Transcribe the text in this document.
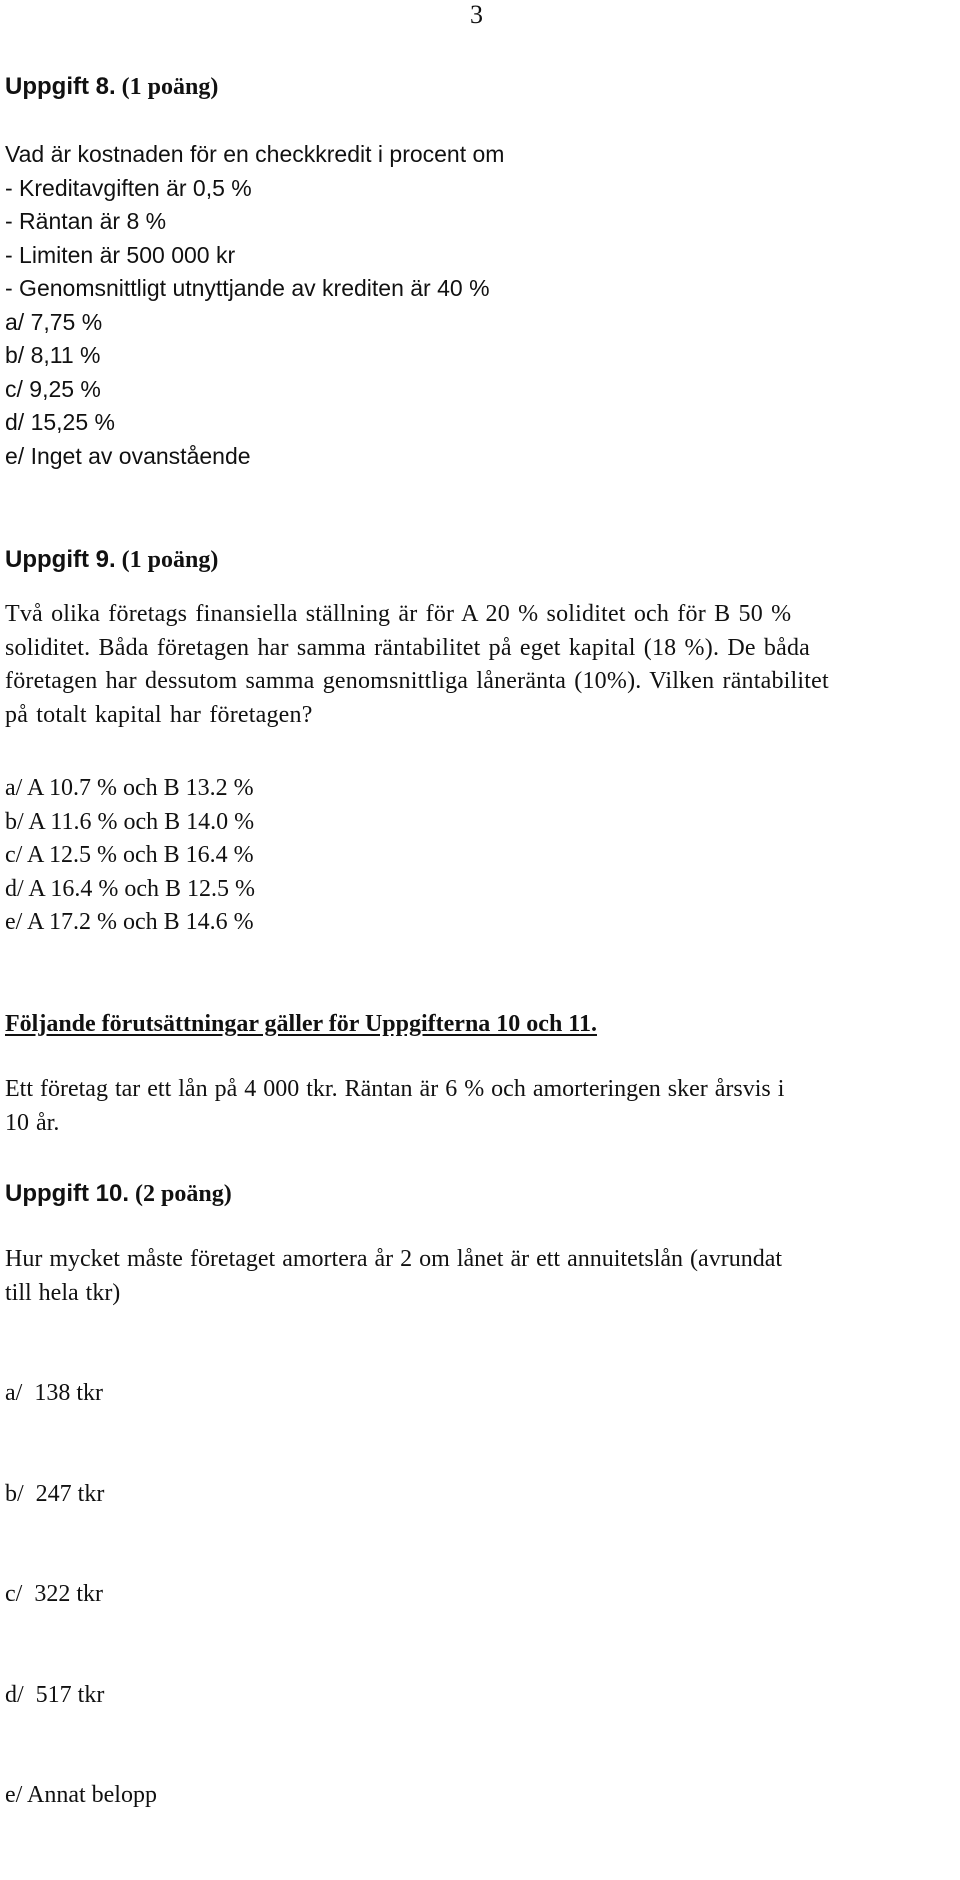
3
Uppgift 8. (1 poäng)
Vad är kostnaden för en checkkredit i procent om
- Kreditavgiften är 0,5 %
- Räntan är 8 %
- Limiten är 500 000 kr
- Genomsnittligt utnyttjande av krediten är 40 %
a/ 7,75 %
b/ 8,11 %
c/ 9,25 %
d/ 15,25 %
e/ Inget av ovanstående
Uppgift 9. (1 poäng)
Två olika företags finansiella ställning är för A 20 % soliditet och för B 50 %
soliditet. Båda företagen har samma räntabilitet på eget kapital (18 %). De båda
företagen har dessutom samma genomsnittliga låneränta (10%). Vilken räntabilitet
på totalt kapital har företagen?
a/ A 10.7 % och B 13.2 %
b/ A 11.6 % och B 14.0 %
c/ A 12.5 % och B 16.4 %
d/ A 16.4 % och B 12.5 %
e/ A 17.2 % och B 14.6 %
Följande förutsättningar gäller för Uppgifterna 10 och 11.
Ett företag tar ett lån på 4 000 tkr. Räntan är 6 % och amorteringen sker årsvis i
10 år.
Uppgift 10. (2 poäng)
Hur mycket måste företaget amortera år 2 om lånet är ett annuitetslån (avrundat
till hela tkr)

a/  138 tkr

b/  247 tkr

c/  322 tkr

d/  517 tkr

e/ Annat belopp
